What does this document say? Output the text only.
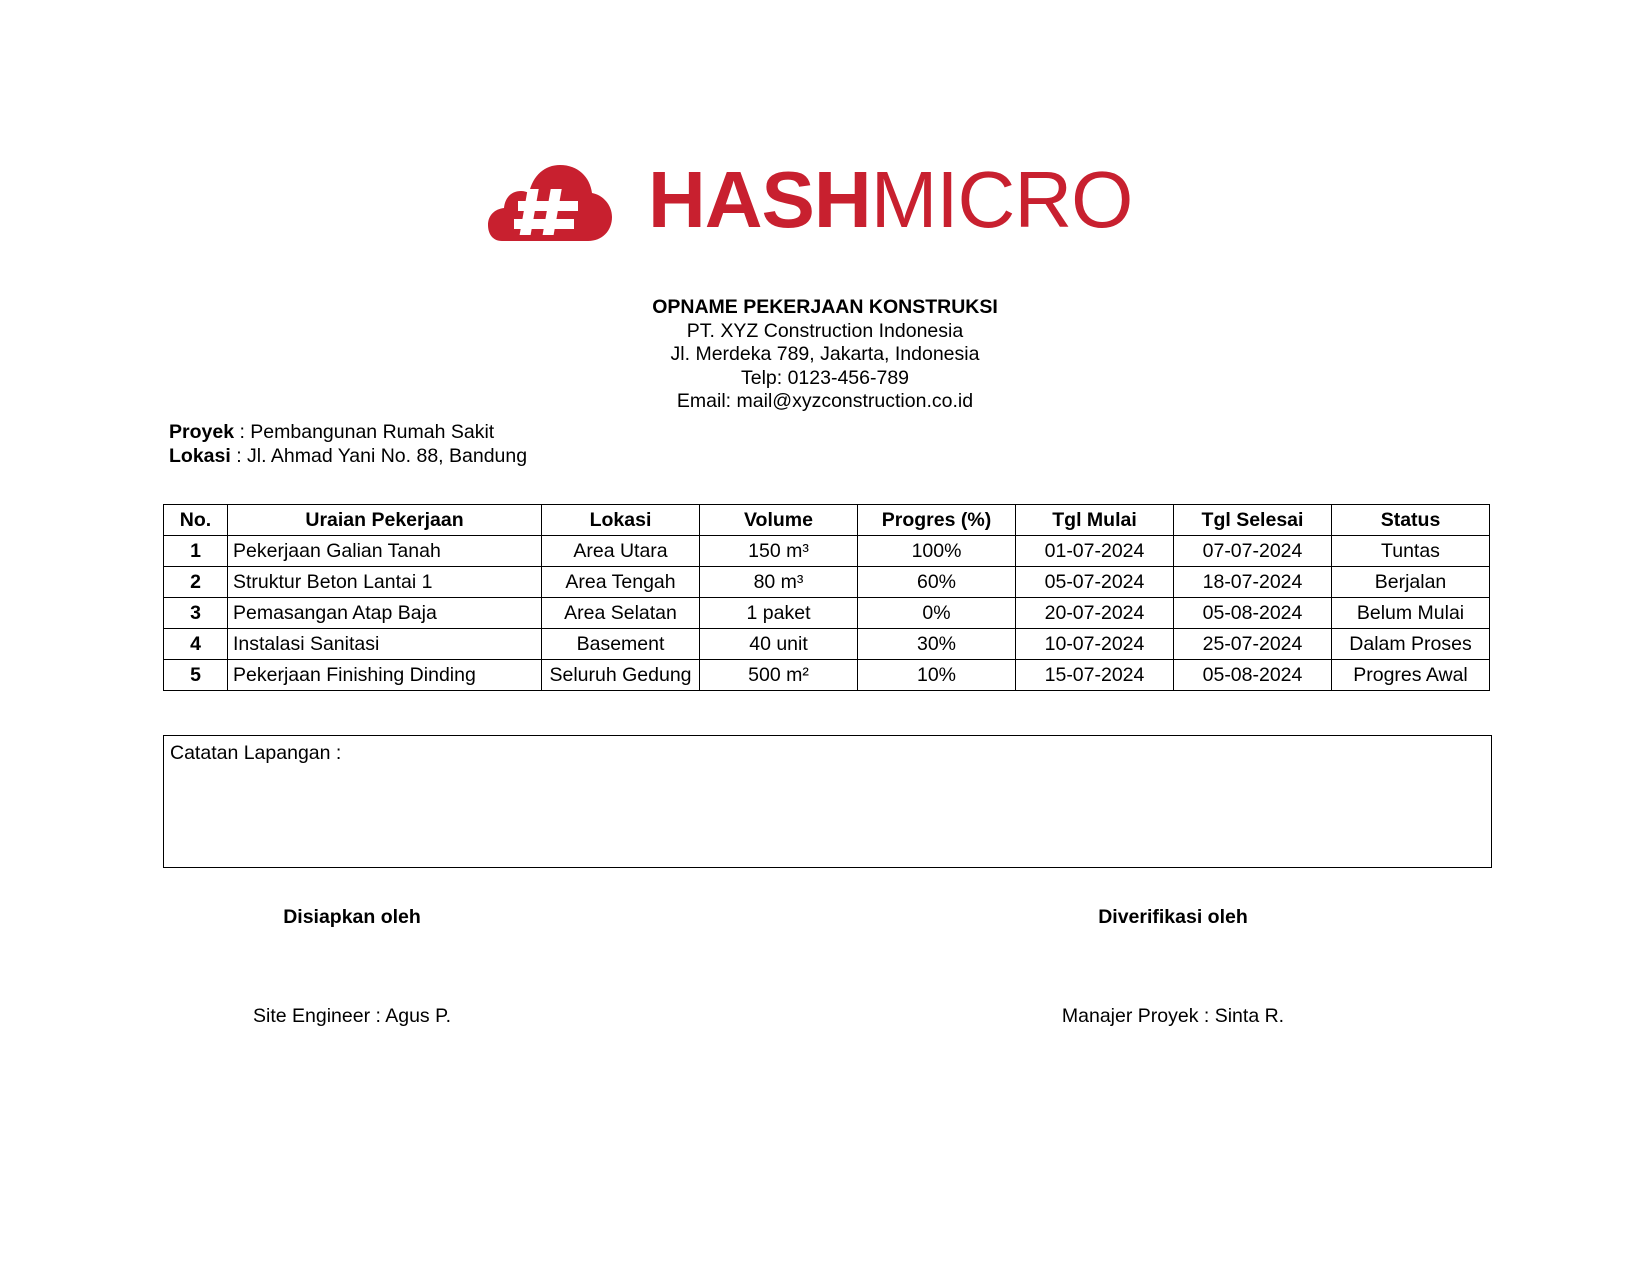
HASHMICRO
OPNAME PEKERJAAN KONSTRUKSI
PT. XYZ Construction Indonesia
Jl. Merdeka 789, Jakarta, Indonesia
Telp: 0123-456-789
Email: mail@xyzconstruction.co.id
Proyek : Pembangunan Rumah Sakit
Lokasi : Jl. Ahmad Yani No. 88, Bandung
No.	Uraian Pekerjaan	Lokasi	Volume	Progres (%)	Tgl Mulai	Tgl Selesai	Status
1	Pekerjaan Galian Tanah	Area Utara	150 m³	100%	01-07-2024	07-07-2024	Tuntas
2	Struktur Beton Lantai 1	Area Tengah	80 m³	60%	05-07-2024	18-07-2024	Berjalan
3	Pemasangan Atap Baja	Area Selatan	1 paket	0%	20-07-2024	05-08-2024	Belum Mulai
4	Instalasi Sanitasi	Basement	40 unit	30%	10-07-2024	25-07-2024	Dalam Proses
5	Pekerjaan Finishing Dinding	Seluruh Gedung	500 m²	10%	15-07-2024	05-08-2024	Progres Awal
Catatan Lapangan :
Disiapkan oleh
Site Engineer : Agus P.
Diverifikasi oleh
Manajer Proyek : Sinta R.
